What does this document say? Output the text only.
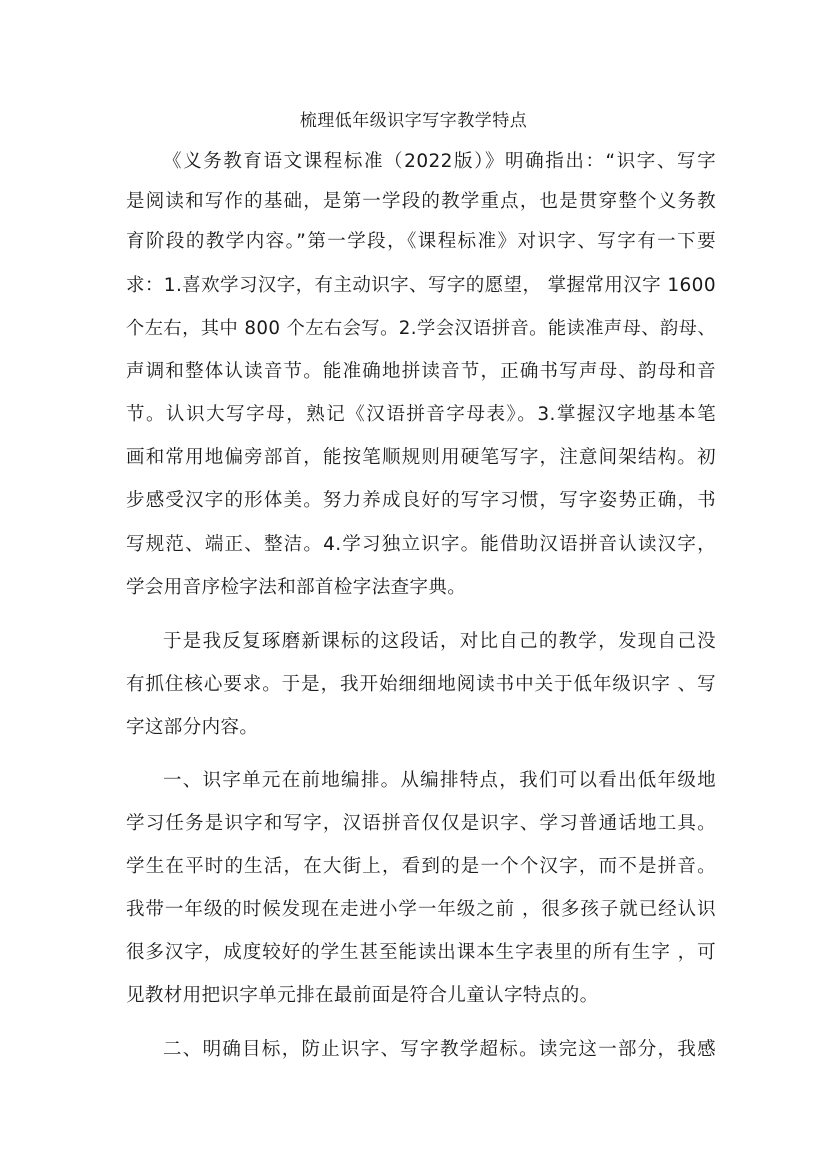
梳理低年级识字写字教学特点
《义务教育语文课程标准（2022版）》明确指出：“识字、写字
是阅读和写作的基础，是第一学段的教学重点，也是贯穿整个义务教
育阶段的教学内容。”第一学段，《课程标准》对识字、写字有一下要
求：1.喜欢学习汉字，有主动识字、写字的愿望， 掌握常用汉字 1600
个左右，其中 800 个左右会写。2.学会汉语拼音。能读准声母、韵母、
声调和整体认读音节。能准确地拼读音节，正确书写声母、韵母和音
节。认识大写字母，熟记《汉语拼音字母表》。3.掌握汉字地基本笔
画和常用地偏旁部首，能按笔顺规则用硬笔写字，注意间架结构。初
步感受汉字的形体美。努力养成良好的写字习惯，写字姿势正确，书
写规范、端正、整洁。4.学习独立识字。能借助汉语拼音认读汉字，
学会用音序检字法和部首检字法查字典。
于是我反复琢磨新课标的这段话，对比自己的教学，发现自己没
有抓住核心要求。于是，我开始细细地阅读书中关于低年级识字 、写
字这部分内容。
一、识字单元在前地编排。从编排特点，我们可以看出低年级地
学习任务是识字和写字，汉语拼音仅仅是识字、学习普通话地工具。
学生在平时的生活，在大街上，看到的是一个个汉字，而不是拼音。
我带一年级的时候发现在走进小学一年级之前 ，很多孩子就已经认识
很多汉字，成度较好的学生甚至能读出课本生字表里的所有生字 ，可
见教材用把识字单元排在最前面是符合儿童认字特点的。
二、明确目标，防止识字、写字教学超标。读完这一部分，我感
